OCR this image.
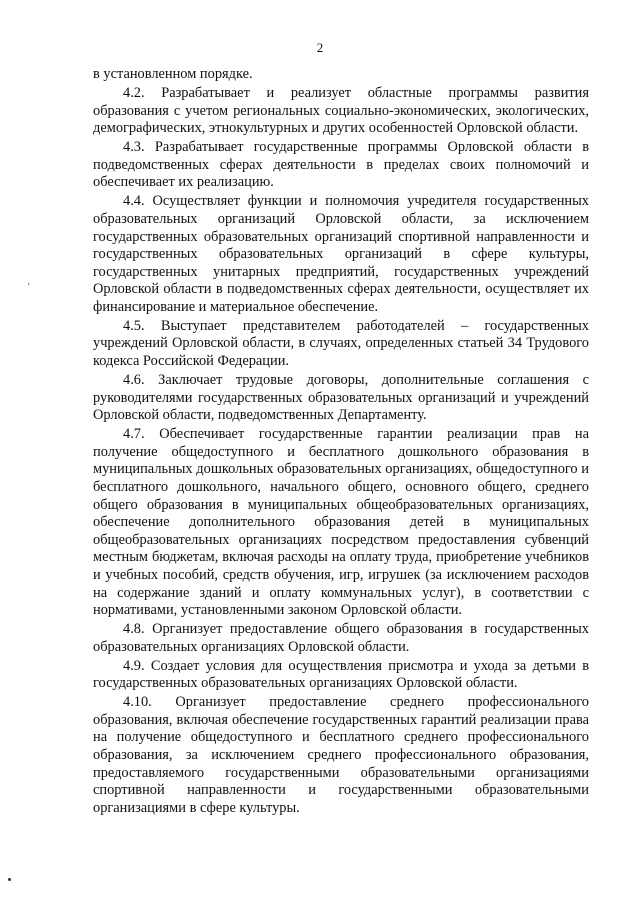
2
ʼ

в установленном порядке.

4.2. Разрабатывает и реализует областные программы развития образования с учетом региональных социально-экономических, экологических, демографических, этнокультурных и других особенностей Орловской области.

4.3. Разрабатывает государственные программы Орловской области в подведомственных сферах деятельности в пределах своих полномочий и обеспечивает их реализацию.

4.4. Осуществляет функции и полномочия учредителя государственных образовательных организаций Орловской области, за исключением государственных образовательных организаций спортивной направленности и государственных образовательных организаций в сфере культуры, государственных унитарных предприятий, государственных учреждений Орловской области в подведомственных сферах деятельности, осуществляет их финансирование и материальное обеспечение.

4.5. Выступает представителем работодателей – государственных учреждений Орловской области, в случаях, определенных статьей 34 Трудового кодекса Российской Федерации.

4.6. Заключает трудовые договоры, дополнительные соглашения с руководителями государственных образовательных организаций и учреждений Орловской области, подведомственных Департаменту.

4.7. Обеспечивает государственные гарантии реализации прав на получение общедоступного и бесплатного дошкольного образования в муниципальных дошкольных образовательных организациях, общедоступного и бесплатного дошкольного, начального общего, основного общего, среднего общего образования в муниципальных общеобразовательных организациях, обеспечение дополнительного образования детей в муниципальных общеобразовательных организациях посредством предоставления субвенций местным бюджетам, включая расходы на оплату труда, приобретение учебников и учебных пособий, средств обучения, игр, игрушек (за исключением расходов на содержание зданий и оплату коммунальных услуг), в соответствии с нормативами, установленными законом Орловской области.

4.8. Организует предоставление общего образования в государственных образовательных организациях Орловской области.

4.9. Создает условия для осуществления присмотра и ухода за детьми в государственных образовательных организациях Орловской области.

4.10. Организует предоставление среднего профессионального образования, включая обеспечение государственных гарантий реализации права на получение общедоступного и бесплатного среднего профессионального образования, за исключением среднего профессионального образования, предоставляемого государственными образовательными организациями спортивной направленности и государственными образовательными организациями в сфере культуры.
